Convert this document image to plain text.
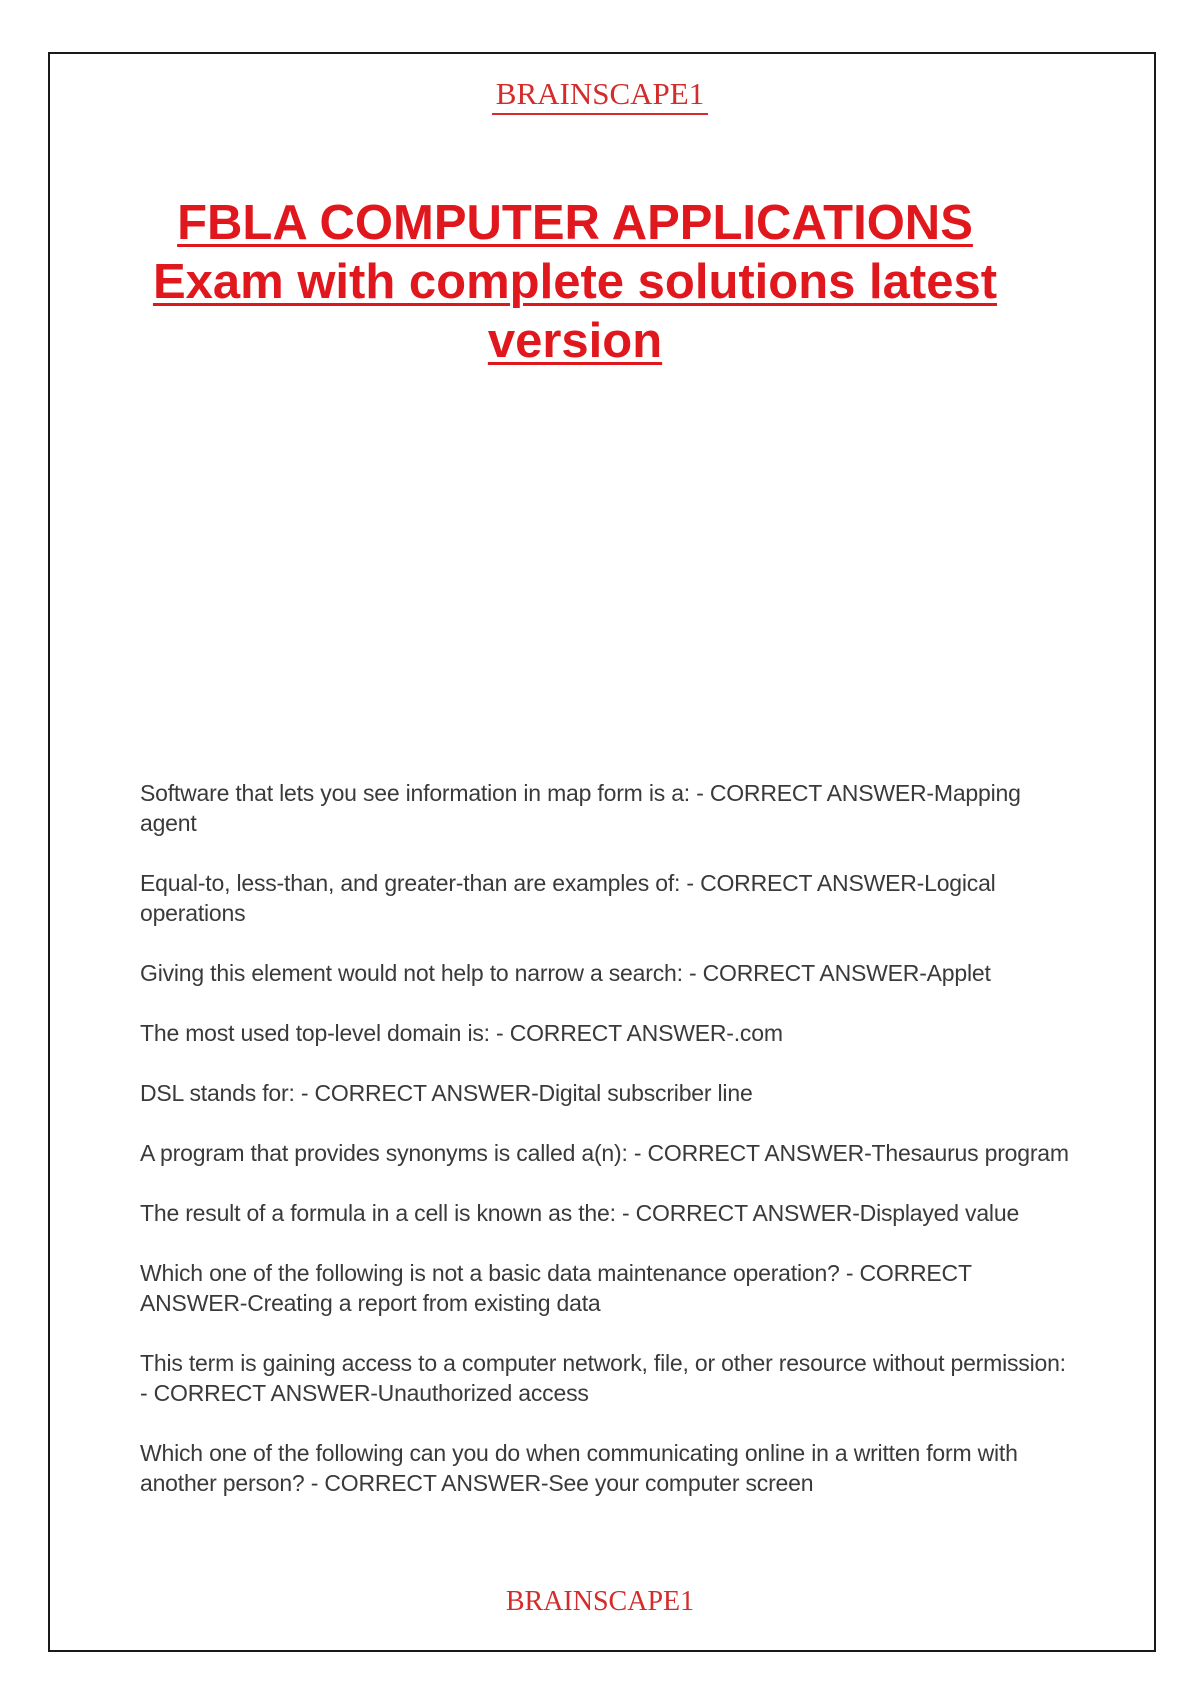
BRAINSCAPE1
FBLA COMPUTER APPLICATIONS
Exam with complete solutions latest
version
Software that lets you see information in map form is a: - CORRECT ANSWER-Mapping agent
Equal-to, less-than, and greater-than are examples of: - CORRECT ANSWER-Logical operations
Giving this element would not help to narrow a search: - CORRECT ANSWER-Applet
The most used top-level domain is: - CORRECT ANSWER-.com
DSL stands for: - CORRECT ANSWER-Digital subscriber line
A program that provides synonyms is called a(n): - CORRECT ANSWER-Thesaurus program
The result of a formula in a cell is known as the: - CORRECT ANSWER-Displayed value
Which one of the following is not a basic data maintenance operation? - CORRECT ANSWER-Creating a report from existing data
This term is gaining access to a computer network, file, or other resource without permission: - CORRECT ANSWER-Unauthorized access
Which one of the following can you do when communicating online in a written form with another person? - CORRECT ANSWER-See your computer screen
BRAINSCAPE1
